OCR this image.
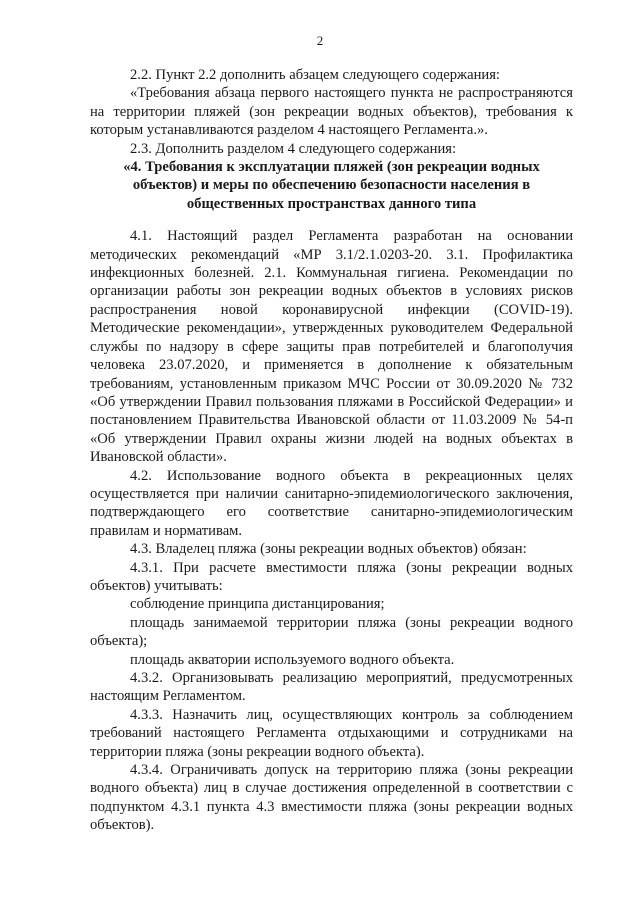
2

2.2. Пункт 2.2 дополнить абзацем следующего содержания:

«Требования абзаца первого настоящего пункта не распространяются на территории пляжей (зон рекреации водных объектов), требования к которым устанавливаются разделом 4 настоящего Регламента.».

2.3. Дополнить разделом 4 следующего содержания:

«4. Требования к эксплуатации пляжей (зон рекреации водных объектов) и меры по обеспечению безопасности населения в общественных пространствах данного типа

4.1. Настоящий раздел Регламента разработан на основании методических рекомендаций «МР 3.1/2.1.0203-20. 3.1. Профилактика инфекционных болезней. 2.1. Коммунальная гигиена. Рекомендации по организации работы зон рекреации водных объектов в условиях рисков распространения новой коронавирусной инфекции (COVID-19). Методические рекомендации», утвержденных руководителем Федеральной службы по надзору в сфере защиты прав потребителей и благополучия человека 23.07.2020, и применяется в дополнение к обязательным требованиям, установленным приказом МЧС России от 30.09.2020 № 732 «Об утверждении Правил пользования пляжами в Российской Федерации» и постановлением Правительства Ивановской области от 11.03.2009 № 54-п «Об утверждении Правил охраны жизни людей на водных объектах в Ивановской области».

4.2. Использование водного объекта в рекреационных целях осуществляется при наличии санитарно-эпидемиологического заключения, подтверждающего его соответствие санитарно-эпидемиологическим правилам и нормативам.

4.3. Владелец пляжа (зоны рекреации водных объектов) обязан:

4.3.1. При расчете вместимости пляжа (зоны рекреации водных объектов) учитывать:

соблюдение принципа дистанцирования;

площадь занимаемой территории пляжа (зоны рекреации водного объекта);

площадь акватории используемого водного объекта.

4.3.2. Организовывать реализацию мероприятий, предусмотренных настоящим Регламентом.

4.3.3. Назначить лиц, осуществляющих контроль за соблюдением требований настоящего Регламента отдыхающими и сотрудниками на территории пляжа (зоны рекреации водного объекта).

4.3.4. Ограничивать допуск на территорию пляжа (зоны рекреации водного объекта) лиц в случае достижения определенной в соответствии с подпунктом 4.3.1 пункта 4.3 вместимости пляжа (зоны рекреации водных объектов).
